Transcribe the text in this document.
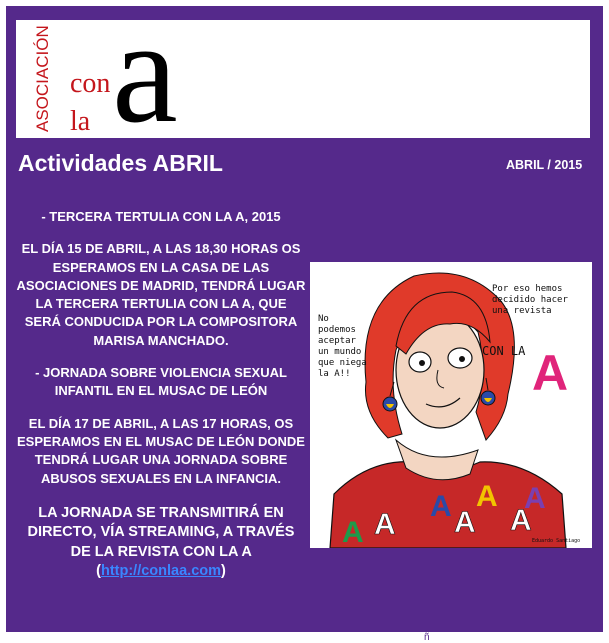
ASOCIACIÓN con
la a
Actividades ABRIL	ABRIL / 2015

- TERCERA TERTULIA CON LA A, 2015

EL DÍA 15 DE ABRIL, A LAS 18,30 HORAS OS ESPERAMOS EN LA CASA DE LAS ASOCIACIONES DE MADRID, TENDRÁ LUGAR LA TERCERA TERTULIA CON LA A, QUE SERÁ CONDUCIDA POR LA COMPOSITORA MARISA MANCHADO.

- JORNADA SOBRE VIOLENCIA SEXUAL INFANTIL EN EL MUSAC DE LEÓN

EL DÍA 17 DE ABRIL, A LAS 17 HORAS, OS ESPERAMOS EN EL MUSAC DE LEÓN DONDE TENDRÁ LUGAR UNA JORNADA SOBRE ABUSOS SEXUALES EN LA INFANCIA.

LA JORNADA SE TRANSMITIRÁ EN DIRECTO, VÍA STREAMING, A TRAVÉS DE LA REVISTA CON LA A (http://conlaa.com)

A
A A
A A
A
A
A
No
podemos
aceptar
un mundo
que niega
la A!!
Por eso hemos
decidido hacer
una revista
CON LA
Eduardo Santiago
ñ
